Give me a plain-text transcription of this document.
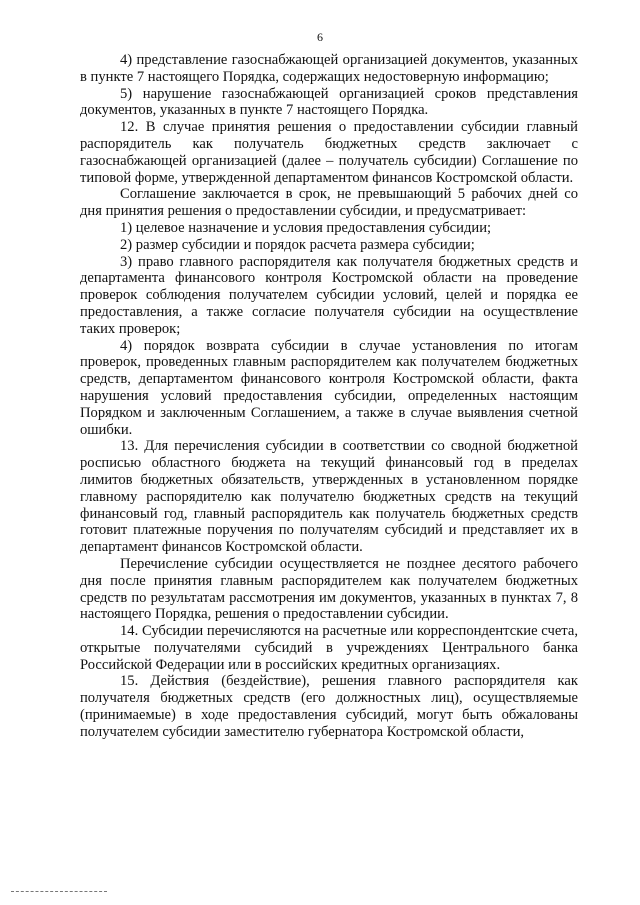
6

4) представление газоснабжающей организацией документов, указанных в пункте 7 настоящего Порядка, содержащих недостоверную информацию;

5) нарушение газоснабжающей организацией сроков представления документов, указанных в пункте 7 настоящего Порядка.

12. В случае принятия решения о предоставлении субсидии главный распорядитель как получатель бюджетных средств заключает с газоснабжающей организацией (далее – получатель субсидии) Соглашение по типовой форме, утвержденной департаментом финансов Костромской области.

Соглашение заключается в срок, не превышающий 5 рабочих дней со дня принятия решения о предоставлении субсидии, и предусматривает:

1) целевое назначение и условия предоставления субсидии;

2) размер субсидии и порядок расчета размера субсидии;

3) право главного распорядителя как получателя бюджетных средств и департамента финансового контроля Костромской области на проведение проверок соблюдения получателем субсидии условий, целей и порядка ее предоставления, а также согласие получателя субсидии на осуществление таких проверок;

4) порядок возврата субсидии в случае установления по итогам проверок, проведенных главным распорядителем как получателем бюджетных средств, департаментом финансового контроля Костромской области, факта нарушения условий предоставления субсидии, определенных настоящим Порядком и заключенным Соглашением, а также в случае выявления счетной ошибки.

13. Для перечисления субсидии в соответствии со сводной бюджетной росписью областного бюджета на текущий финансовый год в пределах лимитов бюджетных обязательств, утвержденных в установленном порядке главному распорядителю как получателю бюджетных средств на текущий финансовый год, главный распорядитель как получатель бюджетных средств готовит платежные поручения по получателям субсидий и представляет их в департамент финансов Костромской области.

Перечисление субсидии осуществляется не позднее десятого рабочего дня после принятия главным распорядителем как получателем бюджетных средств по результатам рассмотрения им документов, указанных в пунктах 7, 8 настоящего Порядка, решения о предоставлении субсидии.

14. Субсидии перечисляются на расчетные или корреспондентские счета, открытые получателями субсидий в учреждениях Центрального банка Российской Федерации или в российских кредитных организациях.

15. Действия (бездействие), решения главного распорядителя как получателя бюджетных средств (его должностных лиц), осуществляемые (принимаемые) в ходе предоставления субсидий, могут быть обжалованы получателем субсидии заместителю губернатора Костромской области,
